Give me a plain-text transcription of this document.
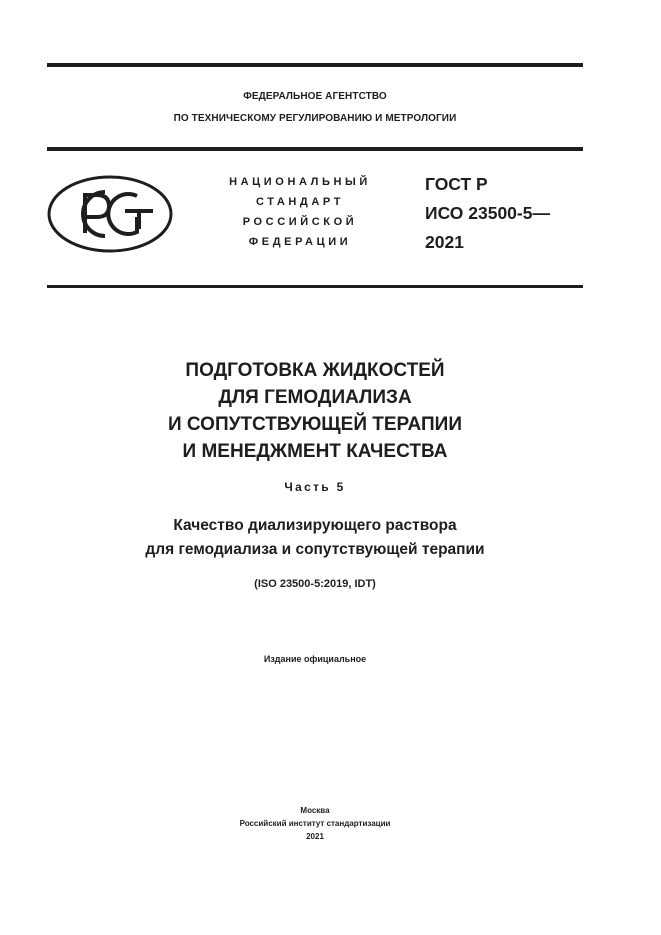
ФЕДЕРАЛЬНОЕ АГЕНТСТВО
ПО ТЕХНИЧЕСКОМУ РЕГУЛИРОВАНИЮ И МЕТРОЛОГИИ
НАЦИОНАЛЬНЫЙ
СТАНДАРТ
РОССИЙСКОЙ
ФЕДЕРАЦИИ
ГОСТ Р
ИСО 23500-5—
2021
ПОДГОТОВКА ЖИДКОСТЕЙ
ДЛЯ ГЕМОДИАЛИЗА
И СОПУТСТВУЮЩЕЙ ТЕРАПИИ
И МЕНЕДЖМЕНТ КАЧЕСТВА
Часть 5
Качество диализирующего раствора
для гемодиализа и сопутствующей терапии
(ISO 23500-5:2019, IDT)
Издание официальное
Москва
Российский институт стандартизации
2021
